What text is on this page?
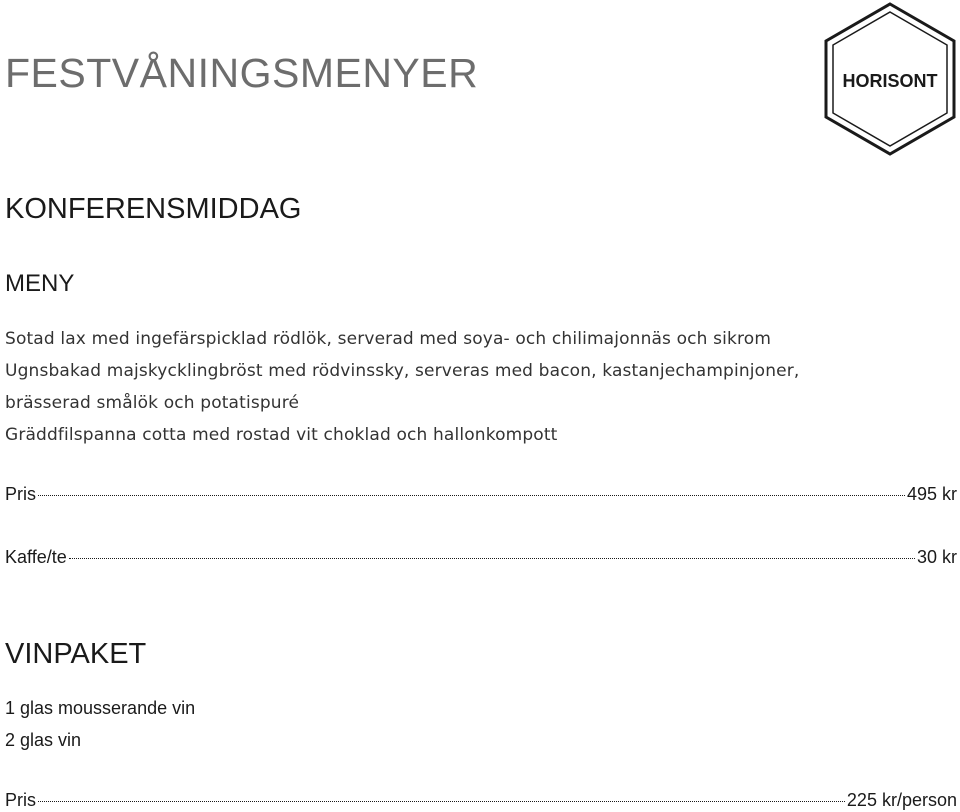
FESTVÅNINGSMENYER	HORISONT
KONFERENSMIDDAG
MENY
Sotad lax med ingefärspicklad rödlök, serverad med soya- och chilimajonnäs och sikrom
Ugnsbakad majskycklingbröst med rödvinssky, serveras med bacon, kastanjechampinjoner,
brässerad smålök och potatispuré
Gräddfilspanna cotta med rostad vit choklad och hallonkompott
Pris	495 kr
Kaffe/te	30 kr
VINPAKET
1 glas mousserande vin
2 glas vin
Pris	225 kr/person
